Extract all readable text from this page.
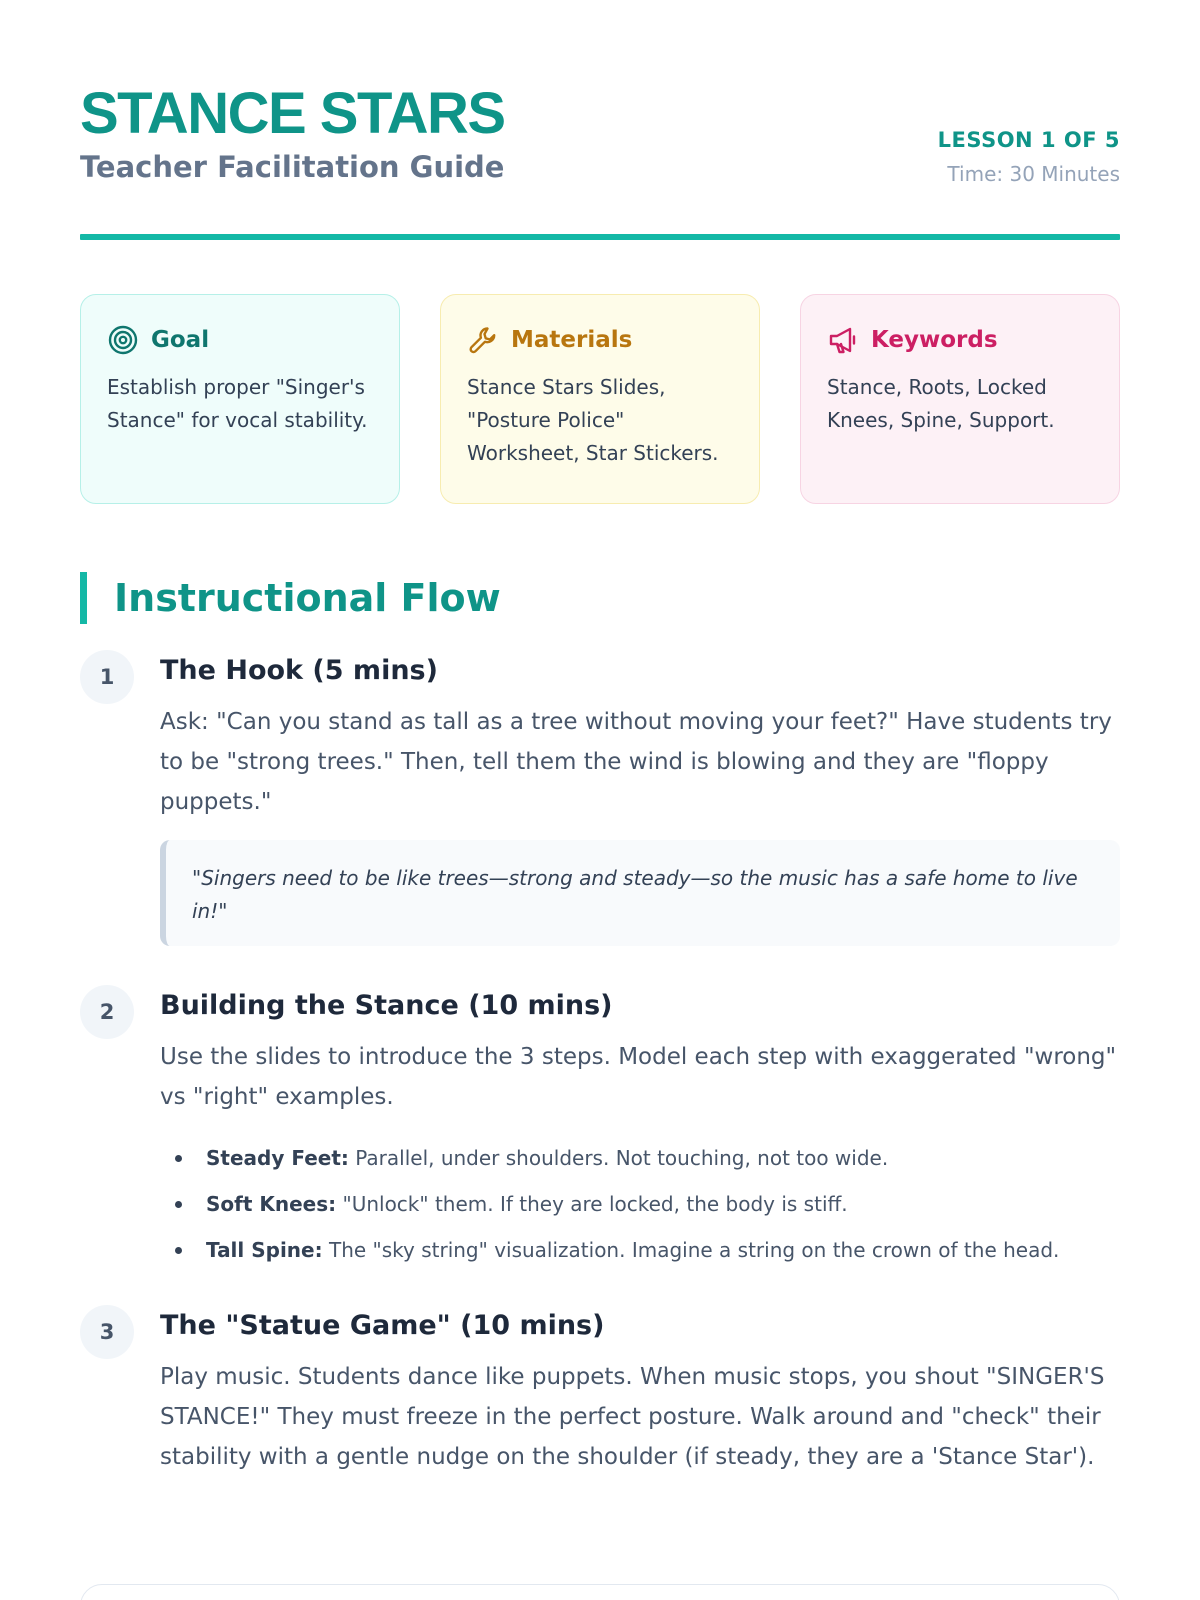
STANCE STARS
Teacher Facilitation Guide
LESSON 1 OF 5
Time: 30 Minutes
Goal
Establish proper "Singer's Stance" for vocal stability.
Materials
Stance Stars Slides, "Posture Police" Worksheet, Star Stickers.
Keywords
Stance, Roots, Locked Knees, Spine, Support.
Instructional Flow
1	The Hook (5 mins)
Ask: "Can you stand as tall as a tree without moving your feet?" Have students try to be "strong trees." Then, tell them the wind is blowing and they are "floppy puppets."
"Singers need to be like trees—strong and steady—so the music has a safe home to live in!"
2	Building the Stance (10 mins)
Use the slides to introduce the 3 steps. Model each step with exaggerated "wrong" vs "right" examples.
Steady Feet: Parallel, under shoulders. Not touching, not too wide.
Soft Knees: "Unlock" them. If they are locked, the body is stiff.
Tall Spine: The "sky string" visualization. Imagine a string on the crown of the head.
3	The "Statue Game" (10 mins)
Play music. Students dance like puppets. When music stops, you shout "SINGER'S STANCE!" They must freeze in the perfect posture. Walk around and "check" their stability with a gentle nudge on the shoulder (if steady, they are a 'Stance Star').
